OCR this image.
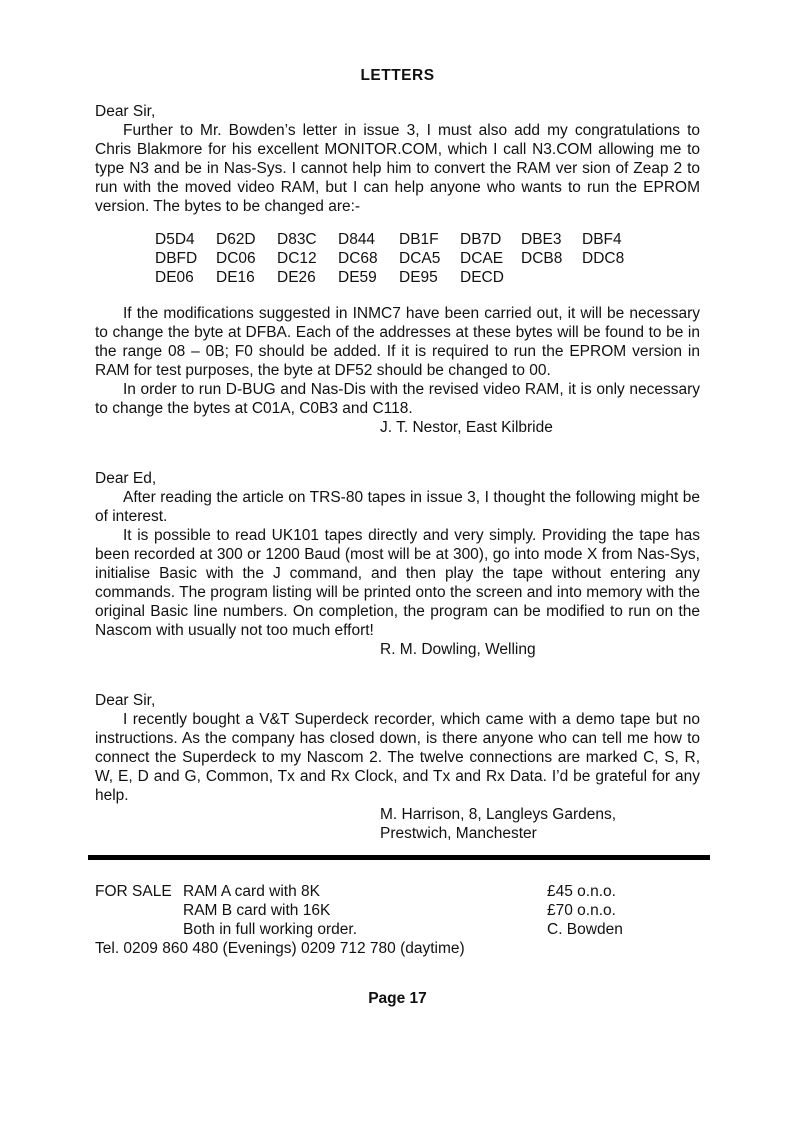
LETTERS

Dear Sir,

Further to Mr. Bowden’s letter in issue 3, I must also add my congratulations to Chris Blakmore for his excellent MONITOR.COM, which I call N3.COM allowing me to type N3 and be in Nas-Sys. I cannot help him to convert the RAM ver sion of Zeap 2 to run with the moved video RAM, but I can help anyone who wants to run the EPROM version. The bytes to be changed are:-

D5D4	D62D	D83C	D844	DB1F	DB7D	DBE3	DBF4
DBFD	DC06	DC12	DC68	DCA5	DCAE	DCB8	DDC8
DE06	DE16	DE26	DE59	DE95	DECD

If the modifications suggested in INMC7 have been carried out, it will be necessary to change the byte at DFBA. Each of the addresses at these bytes will be found to be in the range 08 – 0B; F0 should be added. If it is required to run the EPROM version in RAM for test purposes, the byte at DF52 should be changed to 00.

In order to run D-BUG and Nas-Dis with the revised video RAM, it is only necessary to change the bytes at C01A, C0B3 and C118.

J. T. Nestor, East Kilbride

Dear Ed,

After reading the article on TRS-80 tapes in issue 3, I thought the following might be of interest.

It is possible to read UK101 tapes directly and very simply. Providing the tape has been recorded at 300 or 1200 Baud (most will be at 300), go into mode X from Nas-Sys, initialise Basic with the J command, and then play the tape without entering any commands. The program listing will be printed onto the screen and into memory with the original Basic line numbers. On completion, the program can be modified to run on the Nascom with usually not too much effort!

R. M. Dowling, Welling

Dear Sir,

I recently bought a V&T Superdeck recorder, which came with a demo tape but no instructions. As the company has closed down, is there anyone who can tell me how to connect the Superdeck to my Nascom 2. The twelve connections are marked C, S, R, W, E, D and G, Common, Tx and Rx Clock, and Tx and Rx Data. I’d be grateful for any help.

M. Harrison, 8, Langleys Gardens,

Prestwich, Manchester

FOR SALE RAM A card with 8K	£45 o.n.o.
RAM B card with 16K	£70 o.n.o.
Both in full working order.	C. Bowden

Tel. 0209 860 480 (Evenings) 0209 712 780 (daytime)

Page 17
